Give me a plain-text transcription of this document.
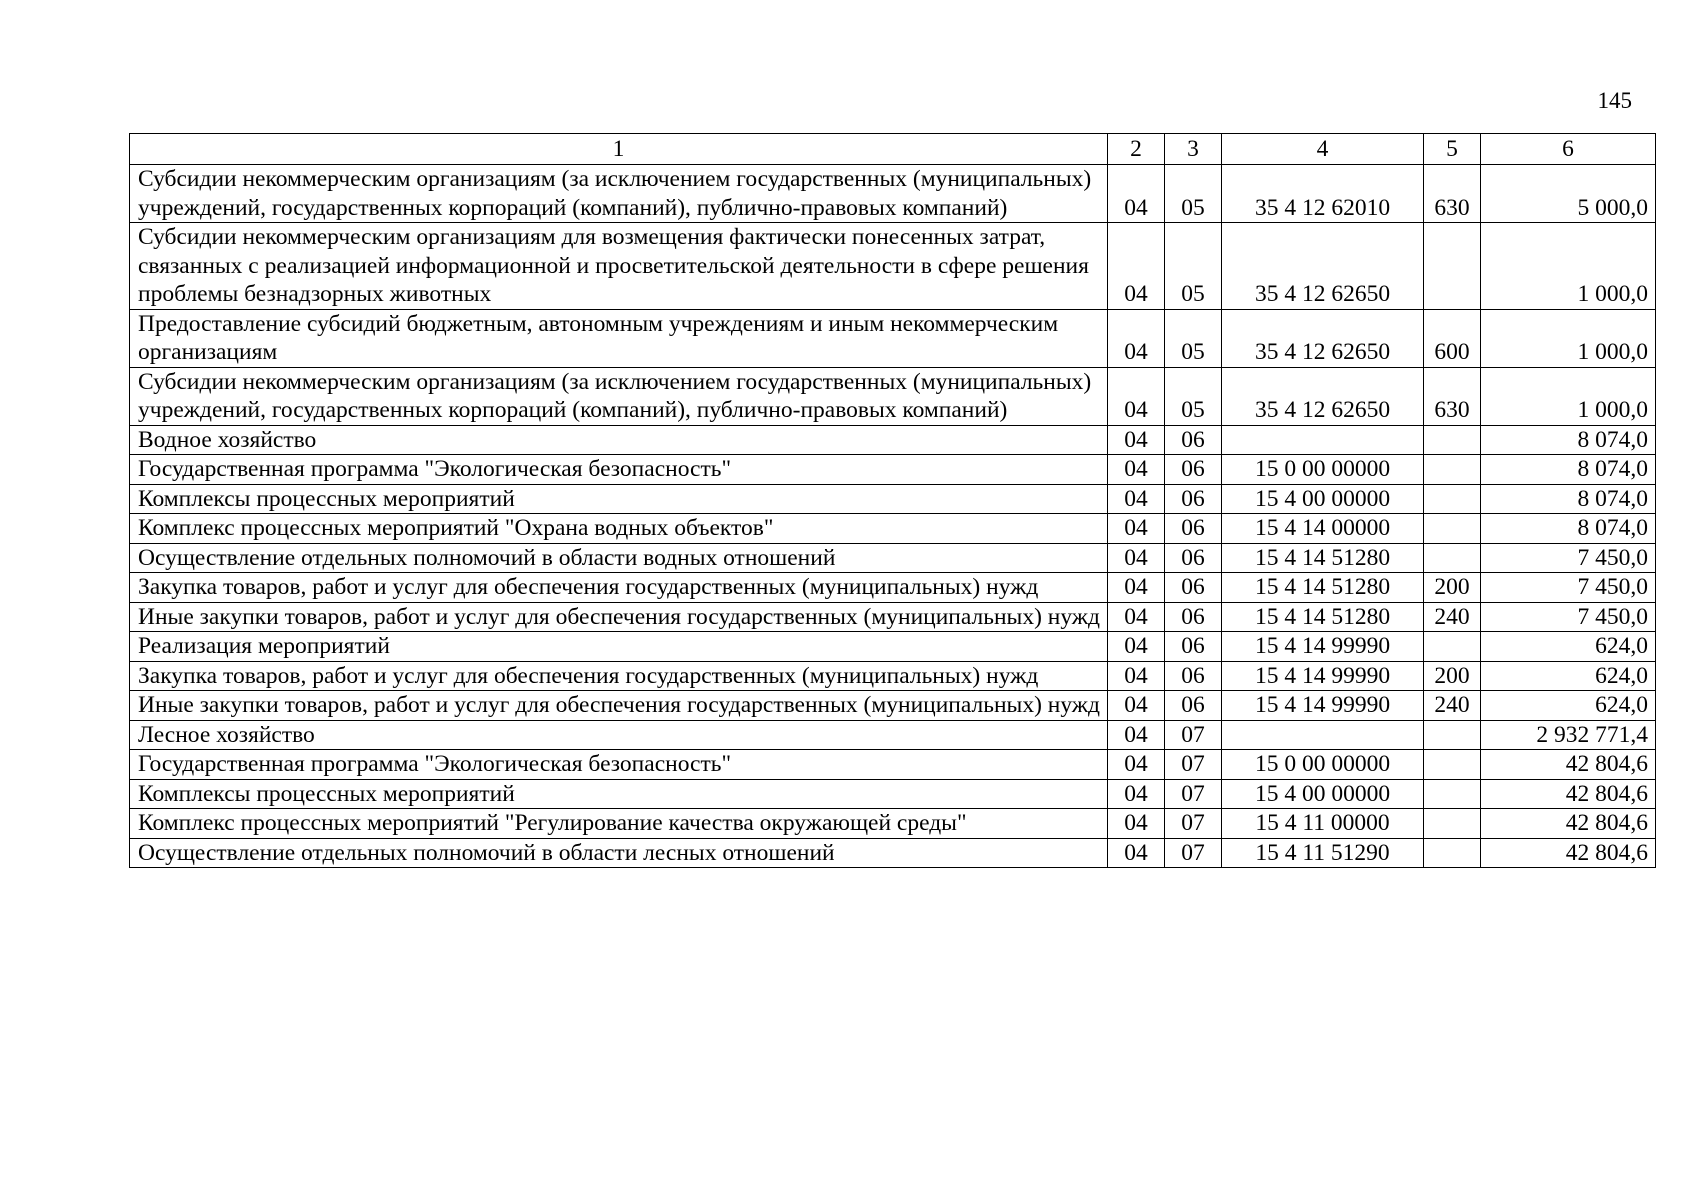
145
1	2	3	4	5	6
Субсидии некоммерческим организациям (за исключением государственных (муниципальных) учреждений, государственных корпораций (компаний), публично-правовых компаний)	04	05	35 4 12 62010	630	5 000,0
Субсидии некоммерческим организациям для возмещения фактически понесенных затрат, связанных с реализацией информационной и просветительской деятельности в сфере решения проблемы безнадзорных животных	04	05	35 4 12 62650		1 000,0
Предоставление субсидий бюджетным, автономным учреждениям и иным некоммерческим организациям	04	05	35 4 12 62650	600	1 000,0
Субсидии некоммерческим организациям (за исключением государственных (муниципальных) учреждений, государственных корпораций (компаний), публично-правовых компаний)	04	05	35 4 12 62650	630	1 000,0
Водное хозяйство	04	06			8 074,0
Государственная программа "Экологическая безопасность"	04	06	15 0 00 00000		8 074,0
Комплексы процессных мероприятий	04	06	15 4 00 00000		8 074,0
Комплекс процессных мероприятий "Охрана водных объектов"	04	06	15 4 14 00000		8 074,0
Осуществление отдельных полномочий в области водных отношений	04	06	15 4 14 51280		7 450,0
Закупка товаров, работ и услуг для обеспечения государственных (муниципальных) нужд	04	06	15 4 14 51280	200	7 450,0
Иные закупки товаров, работ и услуг для обеспечения государственных (муниципальных) нужд	04	06	15 4 14 51280	240	7 450,0
Реализация мероприятий	04	06	15 4 14 99990		624,0
Закупка товаров, работ и услуг для обеспечения государственных (муниципальных) нужд	04	06	15 4 14 99990	200	624,0
Иные закупки товаров, работ и услуг для обеспечения государственных (муниципальных) нужд	04	06	15 4 14 99990	240	624,0
Лесное хозяйство	04	07			2 932 771,4
Государственная программа "Экологическая безопасность"	04	07	15 0 00 00000		42 804,6
Комплексы процессных мероприятий	04	07	15 4 00 00000		42 804,6
Комплекс процессных мероприятий "Регулирование качества окружающей среды"	04	07	15 4 11 00000		42 804,6
Осуществление отдельных полномочий в области лесных отношений	04	07	15 4 11 51290		42 804,6
